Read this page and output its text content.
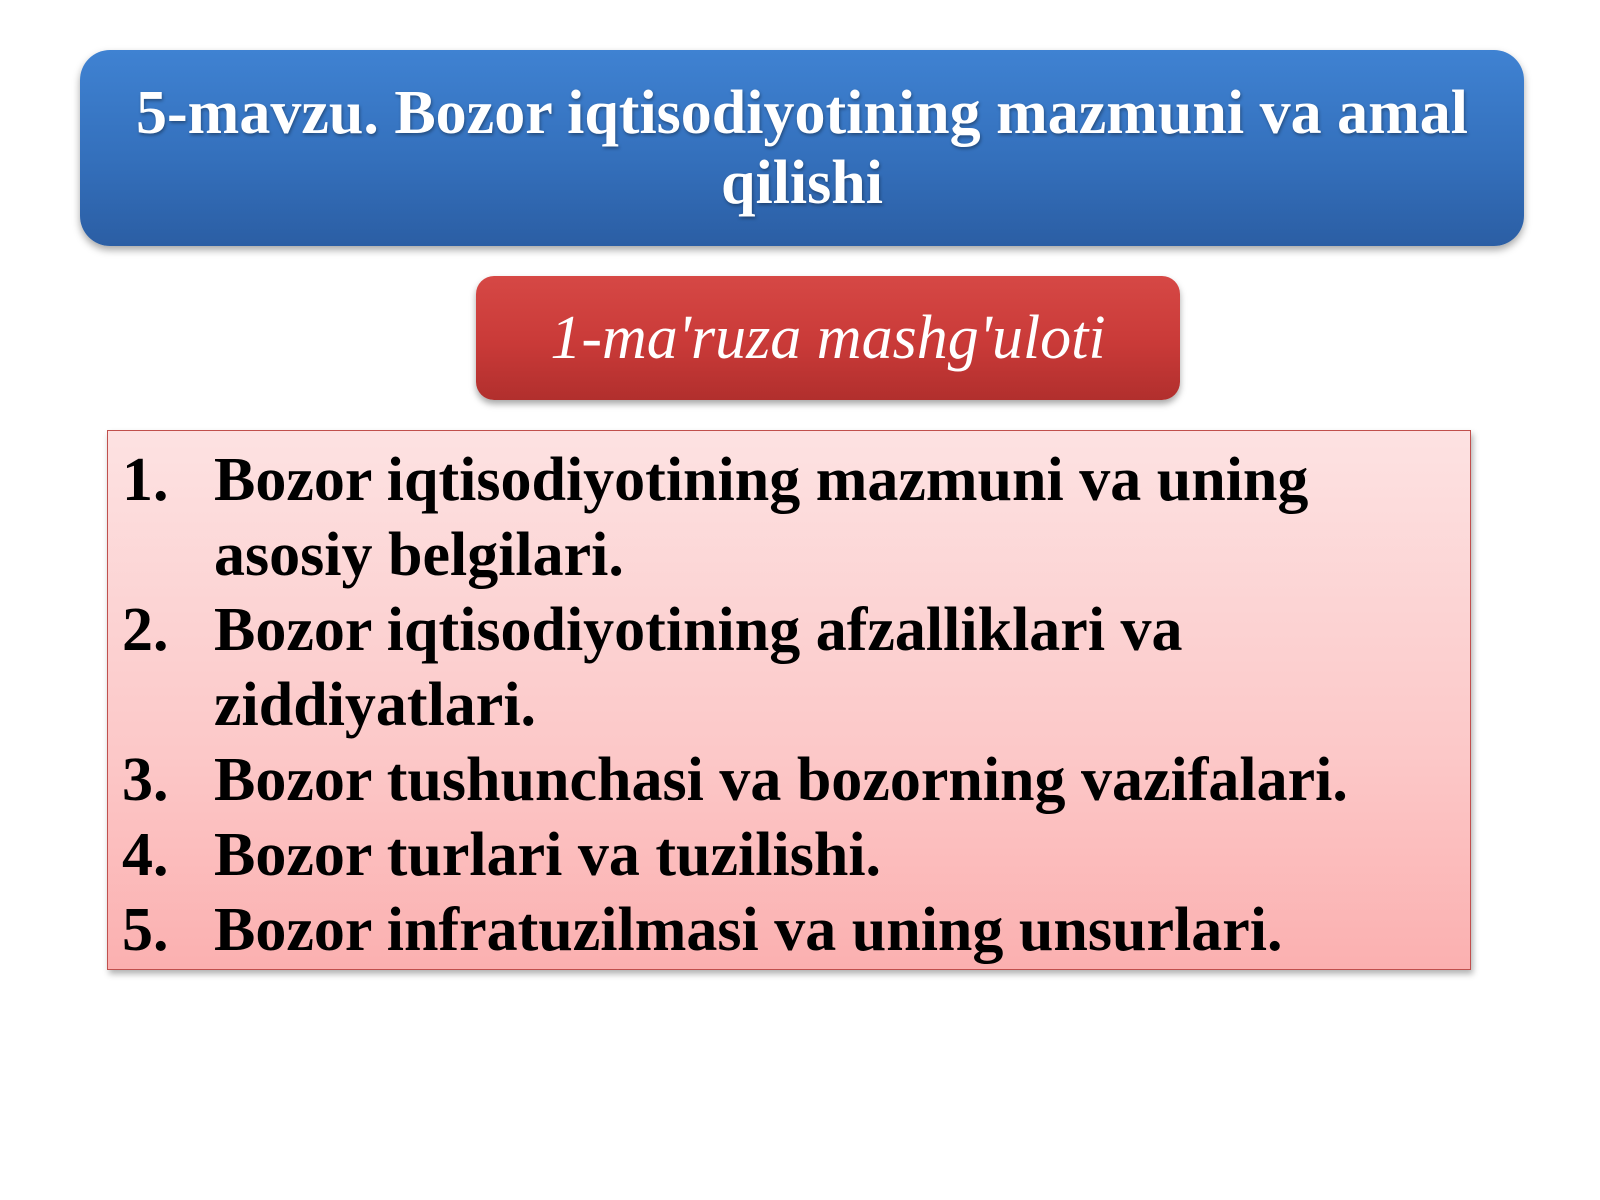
5-mavzu. Bozor iqtisodiyotining mazmuni va amal qilishi

1-ma'ruza mashg'uloti

1. Bozor iqtisodiyotining mazmuni va uning asosiy belgilari.
2. Bozor iqtisodiyotining afzalliklari va ziddiyatlari.
3. Bozor tushunchasi va bozorning vazifalari.
4. Bozor turlari va tuzilishi.
5. Bozor infratuzilmasi va uning unsurlari.
